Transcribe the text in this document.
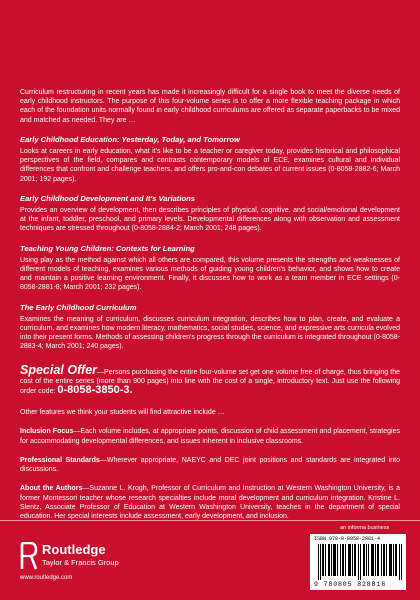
Curriculum restructuring in recent years has made it increasingly difficult for a single book to meet the diverse needs of early childhood instructors. The purpose of this four-volume series is to offer a more flexible teaching package in which each of the foundation units normally found in early childhood curriculums are offered as separate paperbacks to be mixed and matched as needed. They are …

Early Childhood Education: Yesterday, Today, and Tomorrow
Looks at careers in early education, what it's like to be a teacher or caregiver today, provides historical and philosophical perspectives of the field, compares and contrasts contemporary models of ECE, examines cultural and individual differences that confront and challenge teachers, and offers pro-and-con debates of current issues (0-8058-2882-6; March 2001; 192 pages).
Early Childhood Development and It's Variations
Provides an overview of development, then describes principles of physical, cognitive, and social/emotional development at the infant, toddler, preschool, and primary levels. Developmental differences along with observation and assessment techniques are stressed throughout (0-8058-2884-2; March 2001; 248 pages).
Teaching Young Children: Contexts for Learning
Using play as the method against which all others are compared, this volume presents the strengths and weaknesses of different models of teaching, examines various methods of guiding young children's behavior, and shows how to create and maintain a positive learning environment. Finally, it discusses how to work as a team member in ECE settings (0-8058-2881-8; March 2001; 232 pages).
The Early Childhood Curriculum
Examines the meaning of curriculum, discusses curriculum integration, describes how to plan, create, and evaluate a curriculum, and examines how modern literacy, mathematics, social studies, science, and expressive arts curricula evolved into their present forms. Methods of assessing children's progress through the curriculum is integrated throughout (0-8058-2883-4; March 2001; 240 pages).
Special Offer—Persons purchasing the entire four-volume set get one volume free of charge, thus bringing the cost of the entire series (more than 900 pages) into line with the cost of a single, introductory text. Just use the following order code: 0-8058-3850-3.

Other features we think your students will find attractive include …

Inclusion Focus—Each volume includes, at appropriate points, discussion of child assessment and placement, strategies for accommodating developmental differences, and issues inherent in inclusive classrooms.
Professional Standards—Wherever appropriate, NAEYC and DEC joint positions and standards are integrated into discussions.
About the Authors—Suzanne L. Krogh, Professor of Curriculum and Instruction at Western Washington University, is a former Montessori teacher whose research specialties include moral development and curriculum integration. Kristine L. Slentz, Associate Professor of Education at Western Washington University, teaches in the department of special education. Her special interests include assessment, early development, and inclusion.
Routledge
Taylor & Francis Group
www.routledge.com
an informa business
ISBN 978-0-8058-2881-4
9 780805 828818
